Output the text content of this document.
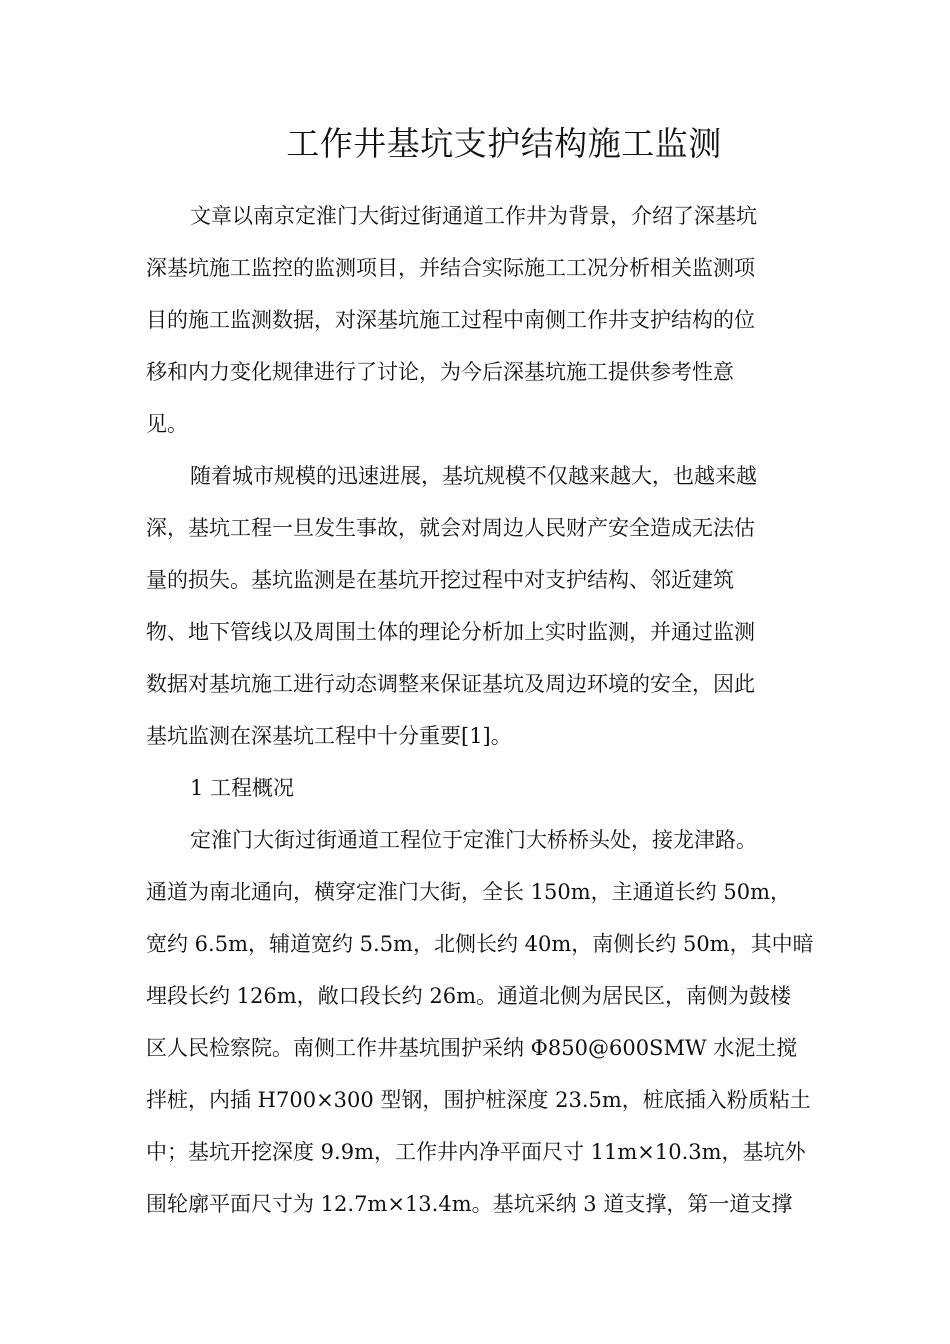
工作井基坑支护结构施工监测
文章以南京定淮门大街过街通道工作井为背景，介绍了深基坑
深基坑施工监控的监测项目，并结合实际施工工况分析相关监测项
目的施工监测数据，对深基坑施工过程中南侧工作井支护结构的位
移和内力变化规律进行了讨论，为今后深基坑施工提供参考性意
见。
随着城市规模的迅速进展，基坑规模不仅越来越大，也越来越
深，基坑工程一旦发生事故，就会对周边人民财产安全造成无法估
量的损失。基坑监测是在基坑开挖过程中对支护结构、邻近建筑
物、地下管线以及周围土体的理论分析加上实时监测，并通过监测
数据对基坑施工进行动态调整来保证基坑及周边环境的安全，因此
基坑监测在深基坑工程中十分重要[1]。
1 工程概况
定淮门大街过街通道工程位于定淮门大桥桥头处，接龙津路。
通道为南北通向，横穿定淮门大街，全长 150m，主通道长约 50m，
宽约 6.5m，辅道宽约 5.5m，北侧长约 40m，南侧长约 50m，其中暗
埋段长约 126m，敞口段长约 26m。通道北侧为居民区，南侧为鼓楼
区人民检察院。南侧工作井基坑围护采纳 Φ850@600SMW 水泥土搅
拌桩，内插 H700×300 型钢，围护桩深度 23.5m，桩底插入粉质粘土
中；基坑开挖深度 9.9m，工作井内净平面尺寸 11m×10.3m，基坑外
围轮廓平面尺寸为 12.7m×13.4m。基坑采纳 3 道支撑，第一道支撑
